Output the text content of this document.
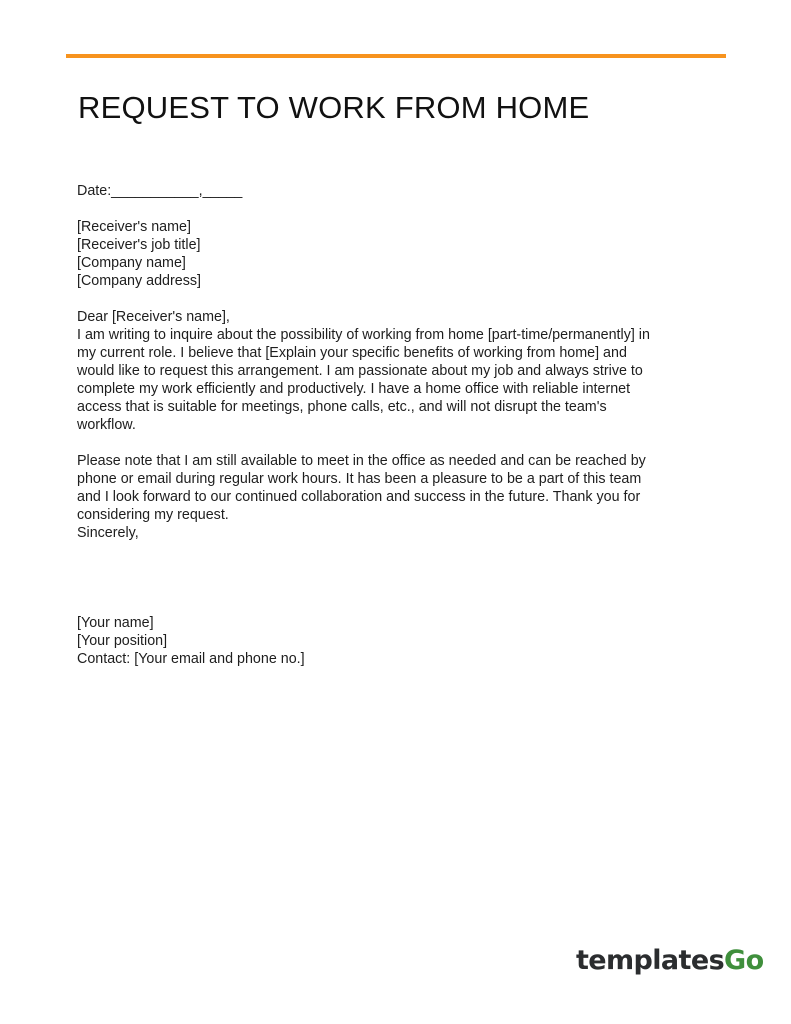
REQUEST TO WORK FROM HOME
Date:___________,_____
[Receiver's name]
[Receiver's job title]
[Company name]
[Company address]
Dear [Receiver's name],
I am writing to inquire about the possibility of working from home [part-time/permanently] in
my current role. I believe that [Explain your specific benefits of working from home] and
would like to request this arrangement. I am passionate about my job and always strive to
complete my work efficiently and productively. I have a home office with reliable internet
access that is suitable for meetings, phone calls, etc., and will not disrupt the team's
workflow.
Please note that I am still available to meet in the office as needed and can be reached by
phone or email during regular work hours. It has been a pleasure to be a part of this team
and I look forward to our continued collaboration and success in the future. Thank you for
considering my request.
Sincerely,
[Your name]
[Your position]
Contact: [Your email and phone no.]
templatesGo
